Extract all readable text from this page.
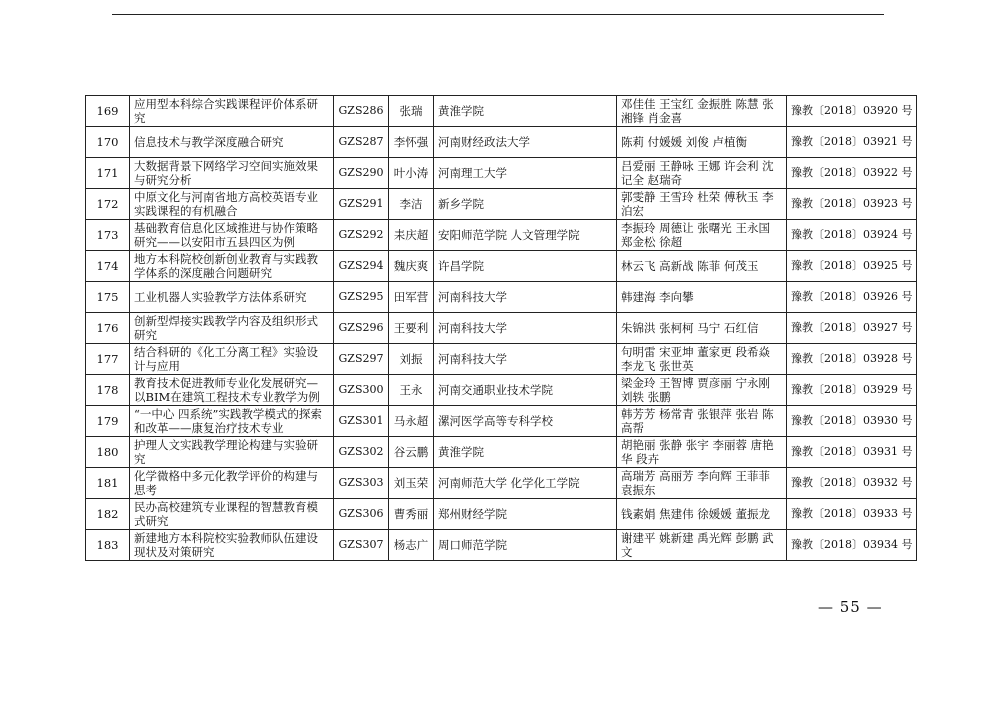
169	应用型本科综合实践课程评价体系研究	GZS286	张瑞	黄淮学院	邓佳佳 王宝红 金振胜 陈慧 张湘锋 肖金喜	豫教〔2018〕03920 号
170	信息技术与教学深度融合研究	GZS287	李怀强	河南财经政法大学	陈莉 付媛媛 刘俊 卢植衡	豫教〔2018〕03921 号
171	大数据背景下网络学习空间实施效果与研究分析	GZS290	叶小涛	河南理工大学	吕爱丽 王静咏 王娜 许会利 沈记全 赵瑞奇	豫教〔2018〕03922 号
172	中原文化与河南省地方高校英语专业实践课程的有机融合	GZS291	李洁	新乡学院	郭雯静 王雪玲 杜荣 傅秋玉 李泊宏	豫教〔2018〕03923 号
173	基础教育信息化区域推进与协作策略研究——以安阳市五县四区为例	GZS292	耒庆超	安阳师范学院 人文管理学院	李振玲 周德让 张曙光 王永国 郑金松 徐超	豫教〔2018〕03924 号
174	地方本科院校创新创业教育与实践教学体系的深度融合问题研究	GZS294	魏庆爽	许昌学院	林云飞 高新战 陈菲 何茂玉	豫教〔2018〕03925 号
175	工业机器人实验教学方法体系研究	GZS295	田军营	河南科技大学	韩建海 李向攀	豫教〔2018〕03926 号
176	创新型焊接实践教学内容及组织形式研究	GZS296	王要利	河南科技大学	朱锦洪 张柯柯 马宁 石红信	豫教〔2018〕03927 号
177	结合科研的《化工分离工程》实验设计与应用	GZS297	刘振	河南科技大学	句明雷 宋亚坤 董家更 段希焱 李龙飞 张世英	豫教〔2018〕03928 号
178	教育技术促进教师专业化发展研究—以BIM在建筑工程技术专业教学为例	GZS300	王永	河南交通职业技术学院	梁金玲 王智博 贾彦丽 宁永刚 刘轶 张鹏	豫教〔2018〕03929 号
179	“一中心 四系统”实践教学模式的探索和改革——康复治疗技术专业	GZS301	马永超	漯河医学高等专科学校	韩芳芳 杨常青 张银萍 张岩 陈高帮	豫教〔2018〕03930 号
180	护理人文实践教学理论构建与实验研究	GZS302	谷云鹏	黄淮学院	胡艳丽 张静 张宇 李丽蓉 唐艳华 段卉	豫教〔2018〕03931 号
181	化学微格中多元化教学评价的构建与思考	GZS303	刘玉荣	河南师范大学 化学化工学院	高瑞芳 高丽芳 李向辉 王菲菲 袁振东	豫教〔2018〕03932 号
182	民办高校建筑专业课程的智慧教育模式研究	GZS306	曹秀丽	郑州财经学院	钱素娟 焦建伟 徐媛媛 董振龙	豫教〔2018〕03933 号
183	新建地方本科院校实验教师队伍建设现状及对策研究	GZS307	杨志广	周口师范学院	谢建平 姚新建 禹光辉 彭鹏 武文	豫教〔2018〕03934 号
— 55 —
